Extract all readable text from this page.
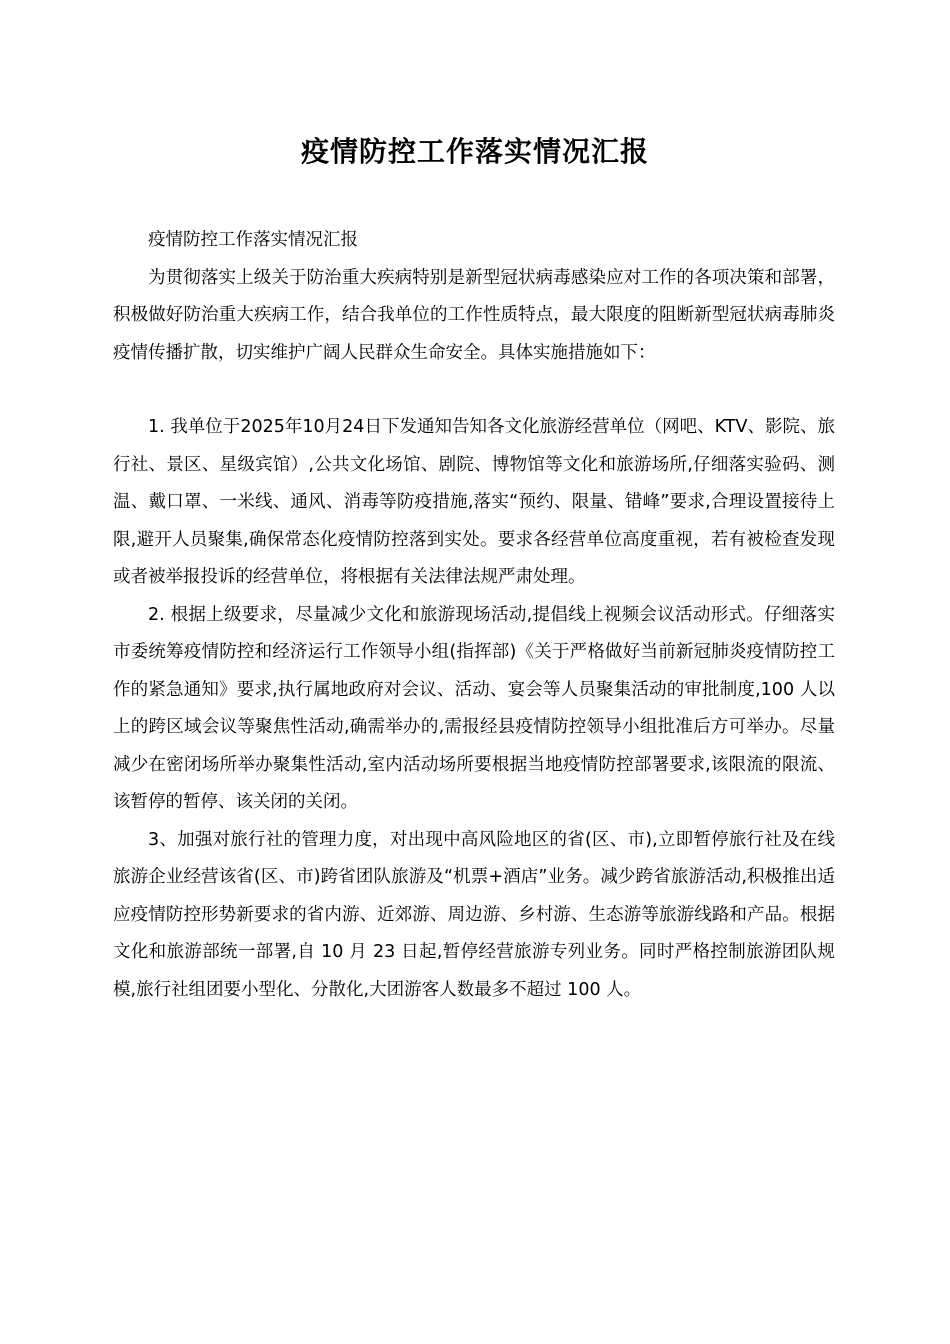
疫情防控工作落实情况汇报

疫情防控工作落实情况汇报

为贯彻落实上级关于防治重大疾病特别是新型冠状病毒感染应对工作的各项决策和部署，积极做好防治重大疾病工作，结合我单位的工作性质特点，最大限度的阻断新型冠状病毒肺炎疫情传播扩散，切实维护广阔人民群众生命安全。具体实施措施如下：

1. 我单位于2025年10月24日下发通知告知各文化旅游经营单位（网吧、KTV、影院、旅行社、景区、星级宾馆）,公共文化场馆、剧院、博物馆等文化和旅游场所,仔细落实验码、测温、戴口罩、一米线、通风、消毒等防疫措施,落实“预约、限量、错峰”要求,合理设置接待上限,避开人员聚集,确保常态化疫情防控落到实处。要求各经营单位高度重视，若有被检查发现或者被举报投诉的经营单位，将根据有关法律法规严肃处理。

2. 根据上级要求，尽量减少文化和旅游现场活动,提倡线上视频会议活动形式。仔细落实市委统筹疫情防控和经济运行工作领导小组(指挥部)《关于严格做好当前新冠肺炎疫情防控工作的紧急通知》要求,执行属地政府对会议、活动、宴会等人员聚集活动的审批制度,100 人以上的跨区域会议等聚焦性活动,确需举办的,需报经县疫情防控领导小组批准后方可举办。尽量减少在密闭场所举办聚集性活动,室内活动场所要根据当地疫情防控部署要求,该限流的限流、该暂停的暂停、该关闭的关闭。

3、加强对旅行社的管理力度，对出现中高风险地区的省(区、市),立即暂停旅行社及在线旅游企业经营该省(区、市)跨省团队旅游及“机票+酒店”业务。减少跨省旅游活动,积极推出适应疫情防控形势新要求的省内游、近郊游、周边游、乡村游、生态游等旅游线路和产品。根据文化和旅游部统一部署,自 10 月 23 日起,暂停经营旅游专列业务。同时严格控制旅游团队规模,旅行社组团要小型化、分散化,大团游客人数最多不超过 100 人。
